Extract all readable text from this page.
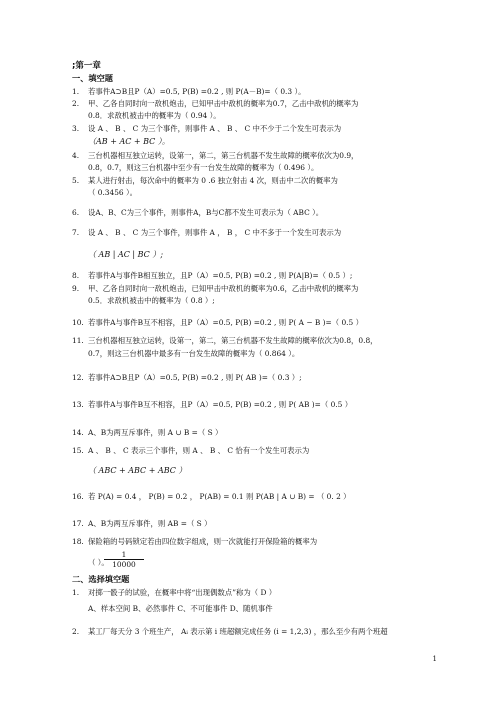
;第一章
一、填空题
1. 若事件A⊃B且P（A）=0.5, P(B) =0.2 , 则 P(A－B)=（ 0.3 ）。
2. 甲、乙各自同时向一敌机炮击，已知甲击中敌机的概率为0.7，乙击中敌机的概率为
0.8．求敌机被击中的概率为（ 0.94 ）。
3. 设 A 、 B 、 C 为三个事件，则事件 A 、 B 、 C 中不少于二个发生可表示为
（AB + AC + BC ）。
4. 三台机器相互独立运转，设第一，第二，第三台机器不发生故障的概率依次为0.9，
0.8，0.7，则这三台机器中至少有一台发生故障的概率为（ 0.496 ）。
5. 某人进行射击，每次命中的概率为 0 .6 独立射击 4 次，则击中二次的概率为
（ 0.3456 ）。
6. 设A、B、C为三个事件，则事件A，B与C都不发生可表示为（ ABC ）。
7. 设 A 、 B 、 C 为三个事件，则事件 A ， B ， C 中不多于一个发生可表示为
（ AB | AC | BC ）;
8. 若事件A与事件B相互独立，且P（A）=0.5, P(B) =0.2 , 则 P(A|B)=（ 0.5 ）;
9. 甲、乙各自同时向一敌机炮击，已知甲击中敌机的概率为0.6，乙击中敌机的概率为
0.5．求敌机被击中的概率为（ 0.8 ）;
10. 若事件A与事件B互不相容，且P（A）=0.5, P(B) =0.2 , 则 P( A − B )=（ 0.5 ）
11. 三台机器相互独立运转，设第一，第二，第三台机器不发生故障的概率依次为0.8，0.8，
0.7，则这三台机器中最多有一台发生故障的概率为（ 0.864 ）。
12. 若事件A⊃B且P（A）=0.5, P(B) =0.2 , 则 P( AB )=（ 0.3 ）;
13. 若事件A与事件B互不相容，且P（A）=0.5, P(B) =0.2 , 则 P( AB )=（ 0.5 ）
14. A、B为两互斥事件，则 A ∪ B =（ S ）
15. A 、 B 、 C 表示三个事件，则 A 、 B 、 C 恰有一个发生可表示为
（ ABC + ABC + ABC ）
16. 若 P(A) = 0.4 ， P(B) = 0.2 ， P(AB) = 0.1 则 P(AB | A ∪ B) = （ 0. 2 ）
17. A、B为两互斥事件，则 AB =（ S ）
18. 保险箱的号码锁定若由四位数字组成，则一次就能打开保险箱的概率为
（ ）。
$\frac{1}{10000}$
二、选择填空题
1. 对掷一骰子的试验，在概率中将“出现偶数点”称为（ D ）
A、样本空间 B、必然事件 C、不可能事件 D、随机事件
2. 某工厂每天分 3 个班生产， Aᵢ 表示第 i 班超额完成任务 (i = 1,2,3) ，那么至少有两个班超
1
